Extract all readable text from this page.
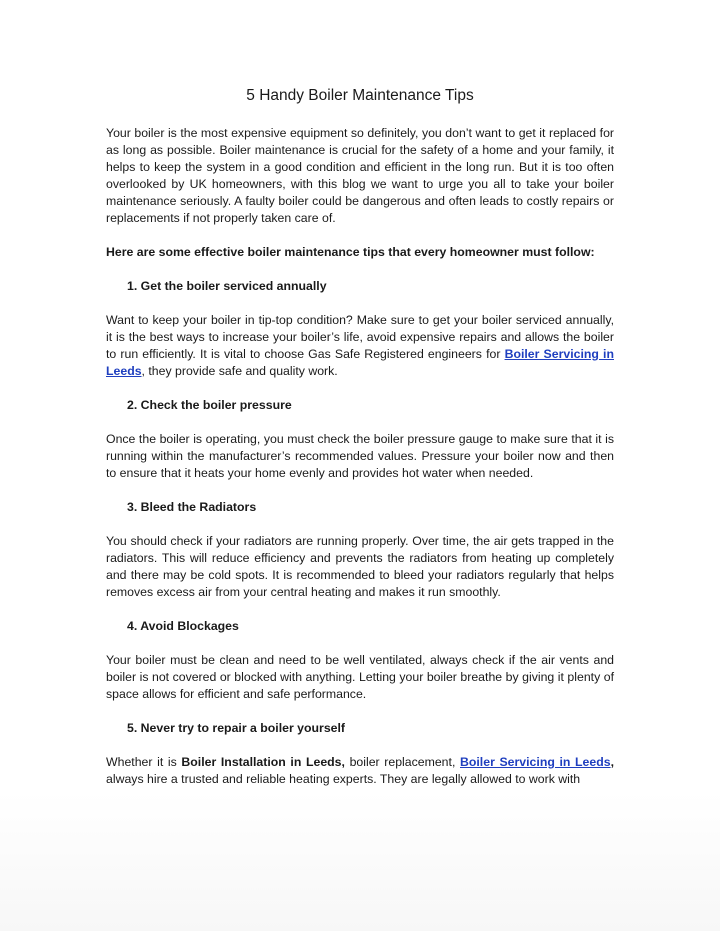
5 Handy Boiler Maintenance Tips

Your boiler is the most expensive equipment so definitely, you don’t want to get it replaced for as long as possible. Boiler maintenance is crucial for the safety of a home and your family, it helps to keep the system in a good condition and efficient in the long run. But it is too often overlooked by UK homeowners, with this blog we want to urge you all to take your boiler maintenance seriously. A faulty boiler could be dangerous and often leads to costly repairs or replacements if not properly taken care of.

Here are some effective boiler maintenance tips that every homeowner must follow:

1. Get the boiler serviced annually

Want to keep your boiler in tip-top condition? Make sure to get your boiler serviced annually, it is the best ways to increase your boiler’s life, avoid expensive repairs and allows the boiler to run efficiently. It is vital to choose Gas Safe Registered engineers for Boiler Servicing in Leeds, they provide safe and quality work.

2. Check the boiler pressure

Once the boiler is operating, you must check the boiler pressure gauge to make sure that it is running within the manufacturer’s recommended values. Pressure your boiler now and then to ensure that it heats your home evenly and provides hot water when needed.

3. Bleed the Radiators

You should check if your radiators are running properly. Over time, the air gets trapped in the radiators. This will reduce efficiency and prevents the radiators from heating up completely and there may be cold spots. It is recommended to bleed your radiators regularly that helps removes excess air from your central heating and makes it run smoothly.

4. Avoid Blockages

Your boiler must be clean and need to be well ventilated, always check if the air vents and boiler is not covered or blocked with anything. Letting your boiler breathe by giving it plenty of space allows for efficient and safe performance.

5. Never try to repair a boiler yourself

Whether it is Boiler Installation in Leeds, boiler replacement, Boiler Servicing in Leeds, always hire a trusted and reliable heating experts. They are legally allowed to work with
